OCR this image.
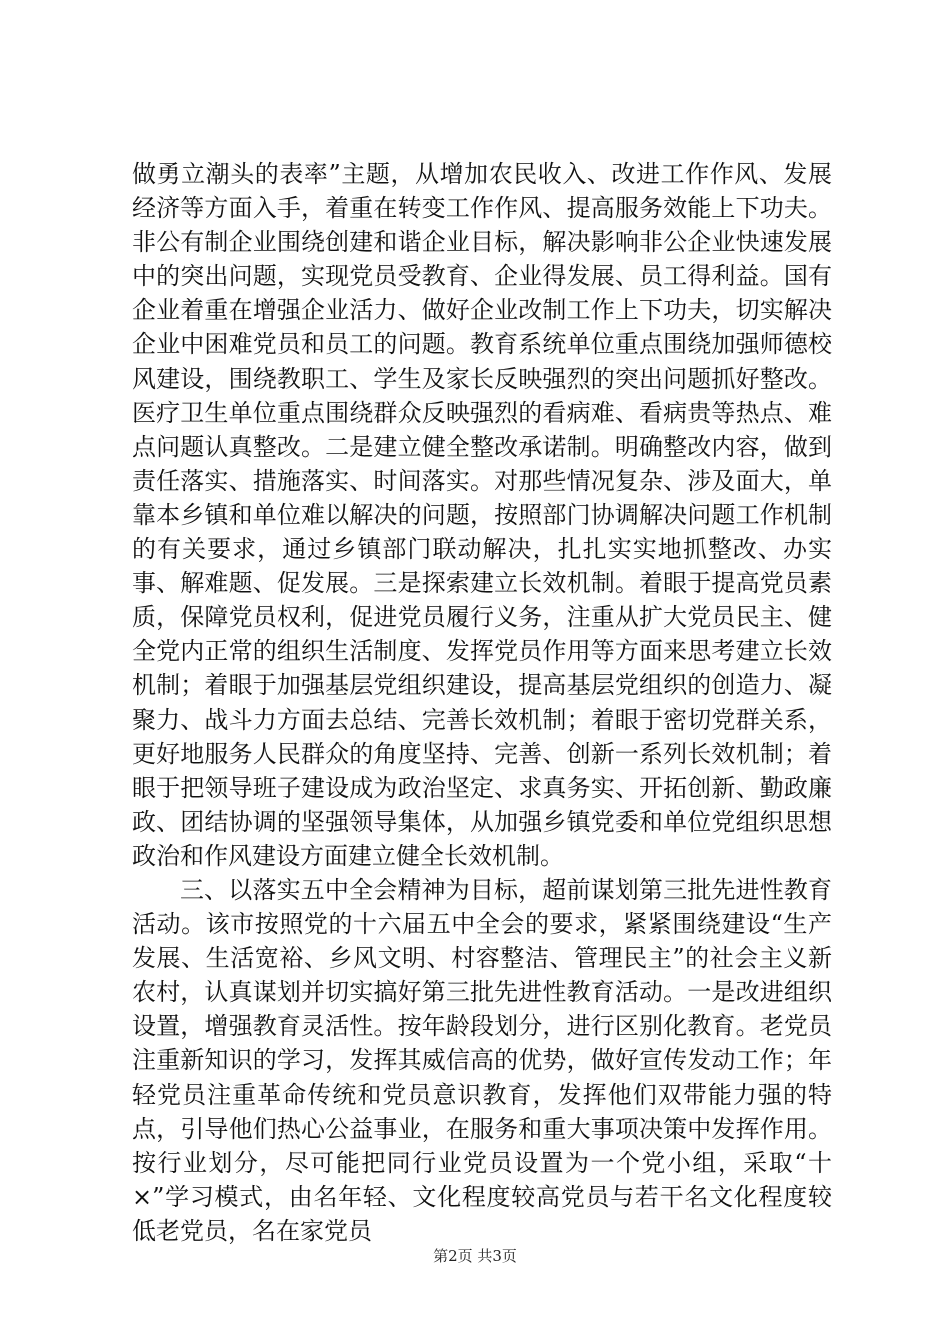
做勇立潮头的表率”主题，从增加农民收入、改进工作作风、发展经济等方面入手，着重在转变工作作风、提高服务效能上下功夫。非公有制企业围绕创建和谐企业目标，解决影响非公企业快速发展中的突出问题，实现党员受教育、企业得发展、员工得利益。国有企业着重在增强企业活力、做好企业改制工作上下功夫，切实解决企业中困难党员和员工的问题。教育系统单位重点围绕加强师德校风建设，围绕教职工、学生及家长反映强烈的突出问题抓好整改。医疗卫生单位重点围绕群众反映强烈的看病难、看病贵等热点、难点问题认真整改。二是建立健全整改承诺制。明确整改内容，做到责任落实、措施落实、时间落实。对那些情况复杂、涉及面大，单靠本乡镇和单位难以解决的问题，按照部门协调解决问题工作机制的有关要求，通过乡镇部门联动解决，扎扎实实地抓整改、办实事、解难题、促发展。三是探索建立长效机制。着眼于提高党员素质，保障党员权利，促进党员履行义务，注重从扩大党员民主、健全党内正常的组织生活制度、发挥党员作用等方面来思考建立长效机制；着眼于加强基层党组织建设，提高基层党组织的创造力、凝聚力、战斗力方面去总结、完善长效机制；着眼于密切党群关系，更好地服务人民群众的角度坚持、完善、创新一系列长效机制；着眼于把领导班子建设成为政治坚定、求真务实、开拓创新、勤政廉政、团结协调的坚强领导集体，从加强乡镇党委和单位党组织思想政治和作风建设方面建立健全长效机制。

三、以落实五中全会精神为目标，超前谋划第三批先进性教育活动。该市按照党的十六届五中全会的要求，紧紧围绕建设“生产发展、生活宽裕、乡风文明、村容整洁、管理民主”的社会主义新农村，认真谋划并切实搞好第三批先进性教育活动。一是改进组织设置，增强教育灵活性。按年龄段划分，进行区别化教育。老党员注重新知识的学习，发挥其威信高的优势，做好宣传发动工作；年轻党员注重革命传统和党员意识教育，发挥他们双带能力强的特点，引导他们热心公益事业，在服务和重大事项决策中发挥作用。按行业划分，尽可能把同行业党员设置为一个党小组，采取“十×”学习模式，由名年轻、文化程度较高党员与若干名文化程度较低老党员，名在家党员

第2页 共3页
